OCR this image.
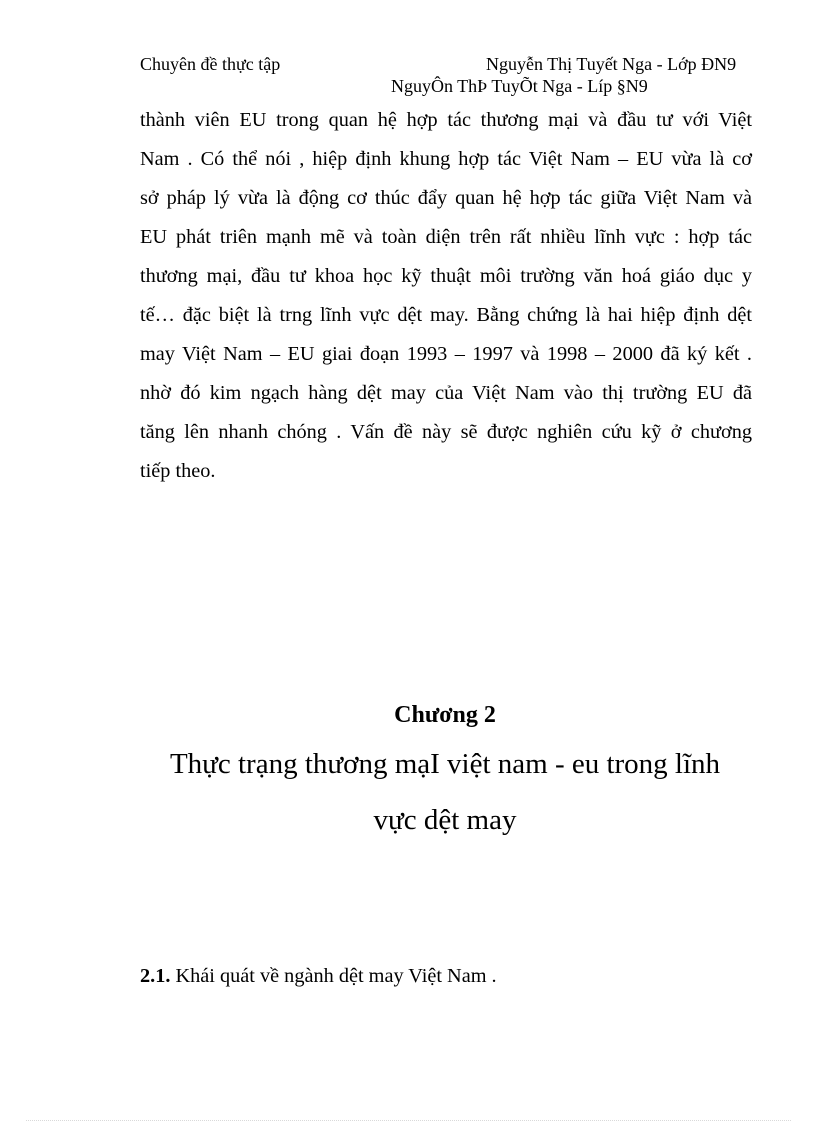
Chuyên đề thực tập	Nguyễn Thị Tuyết Nga - Lớp ĐN9
NguyÔn ThÞ TuyÕt Nga - Líp §N9
thành viên EU trong quan hệ hợp tác thương mại và đầu tư với Việt
Nam . Có thể nói , hiệp định khung hợp tác Việt Nam – EU vừa là cơ
sở pháp lý vừa là động cơ thúc đẩy quan hệ hợp tác giữa Việt Nam và
EU phát triên mạnh mẽ và toàn diện trên rất nhiều lĩnh vực : hợp tác
thương mại, đầu tư khoa học kỹ thuật môi trường văn hoá giáo dục y
tế… đặc biệt là trng lĩnh vực dệt may. Bằng chứng là hai hiệp định dệt
may Việt Nam – EU giai đoạn 1993 – 1997 và 1998 – 2000 đã ký kết .
nhờ đó kim ngạch hàng dệt may của Việt Nam vào thị trường EU đã
tăng lên nhanh chóng . Vấn đề này sẽ được nghiên cứu kỹ ở chương
tiếp theo.
Chương 2
Thực trạng thương mạI việt nam - eu trong lĩnh
vực dệt may
2.1. Khái quát về ngành dệt may Việt Nam .
